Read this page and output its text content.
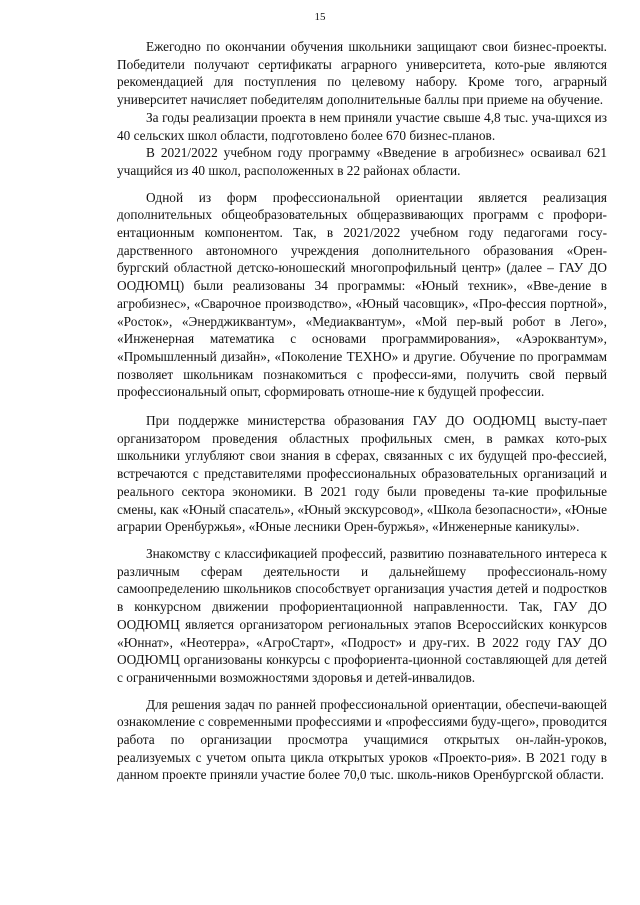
15

Ежегодно по окончании обучения школьники защищают свои бизнес-проекты. Победители получают сертификаты аграрного университета, кото-рые являются рекомендацией для поступления по целевому набору. Кроме того, аграрный университет начисляет победителям дополнительные баллы при приеме на обучение.

За годы реализации проекта в нем приняли участие свыше 4,8 тыс. уча-щихся из 40 сельских школ области, подготовлено более 670 бизнес-планов.

В 2021/2022 учебном году программу «Введение в агробизнес» осваивал 621 учащийся из 40 школ, расположенных в 22 районах области.

Одной из форм профессиональной ориентации является реализация дополнительных общеобразовательных общеразвивающих программ с профори-ентационным компонентом. Так, в 2021/2022 учебном году педагогами госу-дарственного автономного учреждения дополнительного образования «Орен-бургский областной детско-юношеский многопрофильный центр» (далее – ГАУ ДО ООДЮМЦ) были реализованы 34 программы: «Юный техник», «Вве-дение в агробизнес», «Сварочное производство», «Юный часовщик», «Про-фессия портной», «Росток», «Энерджиквантум», «Медиаквантум», «Мой пер-вый робот в Лего», «Инженерная математика с основами программирования», «Аэроквантум», «Промышленный дизайн», «Поколение ТЕХНО» и другие. Обучение по программам позволяет школьникам познакомиться с професси-ями, получить свой первый профессиональный опыт, сформировать отноше-ние к будущей профессии.

При поддержке министерства образования ГАУ ДО ООДЮМЦ высту-пает организатором проведения областных профильных смен, в рамках кото-рых школьники углубляют свои знания в сферах, связанных с их будущей про-фессией, встречаются с представителями профессиональных образовательных организаций и реального сектора экономики. В 2021 году были проведены та-кие профильные смены, как «Юный спасатель», «Юный экскурсовод», «Школа безопасности», «Юные аграрии Оренбуржья», «Юные лесники Орен-буржья», «Инженерные каникулы».

Знакомству с классификацией профессий, развитию познавательного интереса к различным сферам деятельности и дальнейшему профессиональ-ному самоопределению школьников способствует организация участия детей и подростков в конкурсном движении профориентационной направленности. Так, ГАУ ДО ООДЮМЦ является организатором региональных этапов Всероссийских конкурсов «Юннат», «Неотерра», «АгроСтарт», «Подрост» и дру-гих. В 2022 году ГАУ ДО ООДЮМЦ организованы конкурсы с профориента-ционной составляющей для детей с ограниченными возможностями здоровья и детей-инвалидов.

Для решения задач по ранней профессиональной ориентации, обеспечи-вающей ознакомление с современными профессиями и «профессиями буду-щего», проводится работа по организации просмотра учащимися открытых он-лайн-уроков, реализуемых с учетом опыта цикла открытых уроков «Проекто-рия». В 2021 году в данном проекте приняли участие более 70,0 тыс. школь-ников Оренбургской области.
